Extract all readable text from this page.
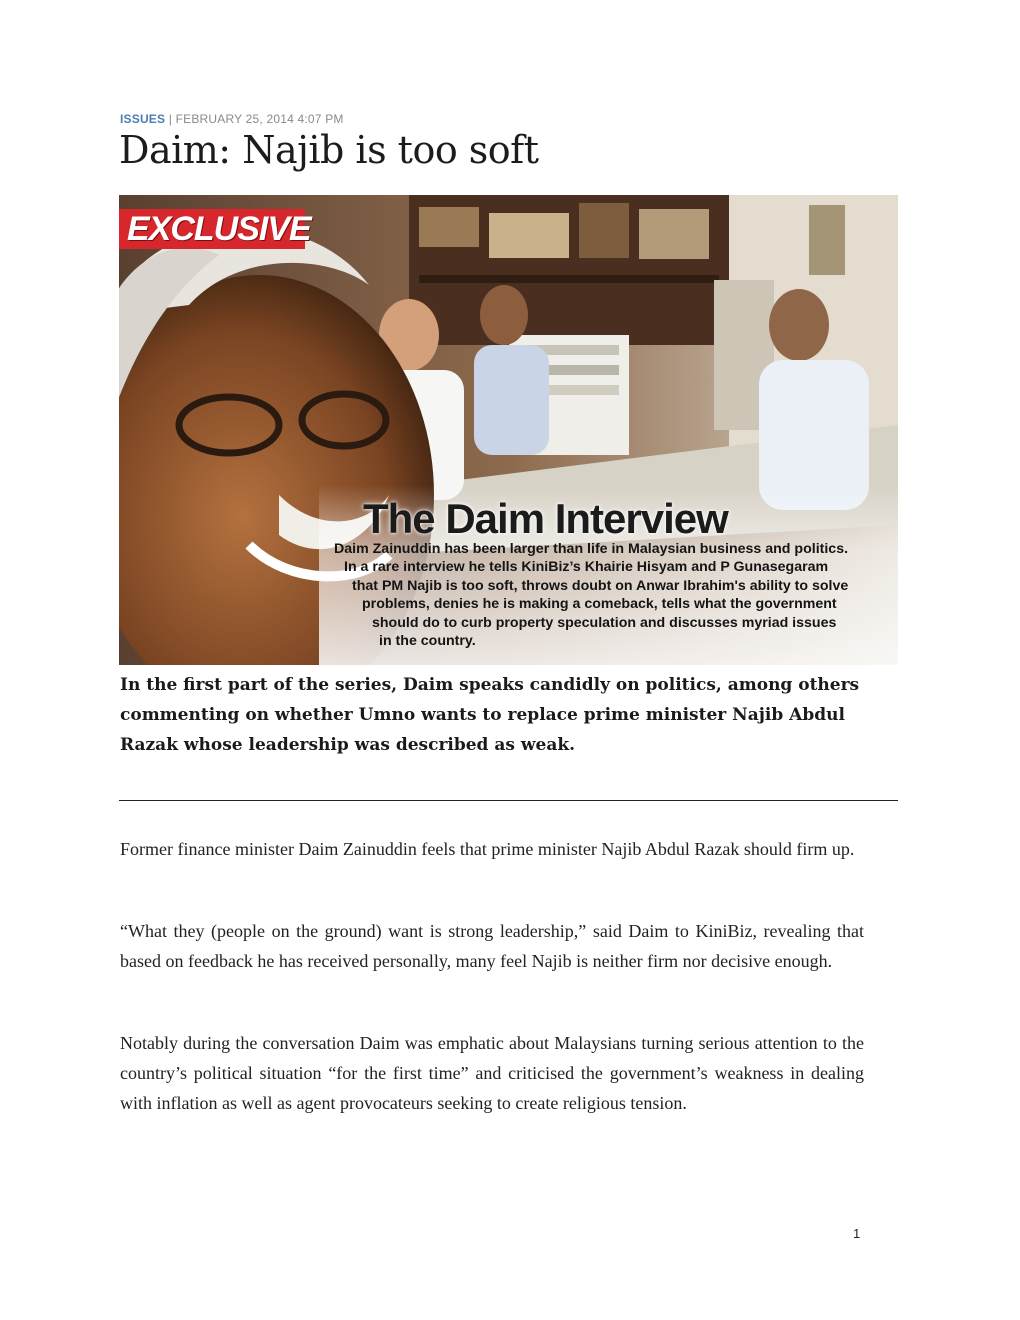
ISSUES | FEBRUARY 25, 2014 4:07 PM
Daim: Najib is too soft
EXCLUSIVE
The Daim Interview
Daim Zainuddin has been larger than life in Malaysian business and politics.
In a rare interview he tells KiniBiz’s Khairie Hisyam and P Gunasegaram
that PM Najib is too soft, throws doubt on Anwar Ibrahim's ability to solve
problems, denies he is making a comeback, tells what the government
should do to curb property speculation and discusses myriad issues
in the country.

In the first part of the series, Daim speaks candidly on politics, among others commenting on whether Umno wants to replace prime minister Najib Abdul Razak whose leadership was described as weak.

Former finance minister Daim Zainuddin feels that prime minister Najib Abdul Razak should firm up.

“What they (people on the ground) want is strong leadership,” said Daim to KiniBiz, revealing that based on feedback he has received personally, many feel Najib is neither firm nor decisive enough.

Notably during the conversation Daim was emphatic about Malaysians turning serious attention to the country’s political situation “for the first time” and criticised the government’s weakness in dealing with inflation as well as agent provocateurs seeking to create religious tension.

1
